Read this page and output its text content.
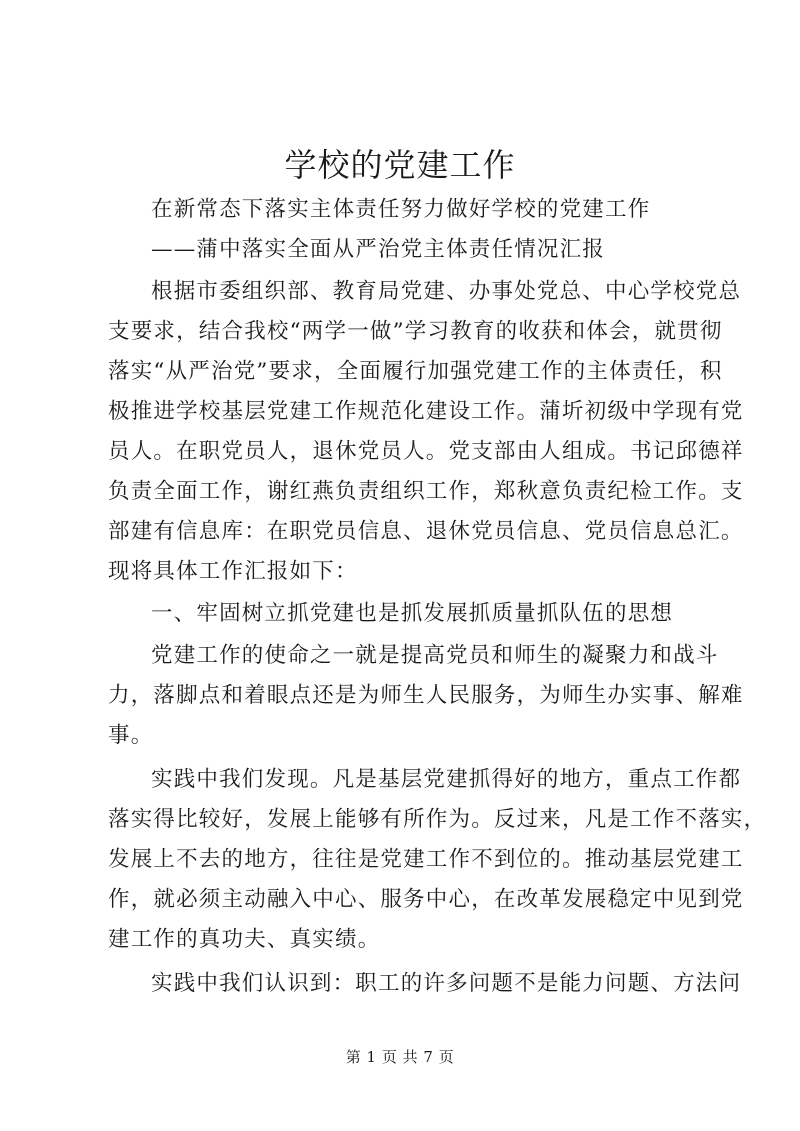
学校的党建工作
在新常态下落实主体责任努力做好学校的党建工作
——蒲中落实全面从严治党主体责任情况汇报
根据市委组织部、教育局党建、办事处党总、中心学校党总
支要求，结合我校“两学一做”学习教育的收获和体会，就贯彻
落实“从严治党”要求，全面履行加强党建工作的主体责任，积
极推进学校基层党建工作规范化建设工作。蒲圻初级中学现有党
员人。在职党员人，退休党员人。党支部由人组成。书记邱德祥
负责全面工作，谢红燕负责组织工作，郑秋意负责纪检工作。支
部建有信息库：在职党员信息、退休党员信息、党员信息总汇。
现将具体工作汇报如下：
一、牢固树立抓党建也是抓发展抓质量抓队伍的思想
党建工作的使命之一就是提高党员和师生的凝聚力和战斗
力，落脚点和着眼点还是为师生人民服务，为师生办实事、解难
事。
实践中我们发现。凡是基层党建抓得好的地方，重点工作都
落实得比较好，发展上能够有所作为。反过来，凡是工作不落实，
发展上不去的地方，往往是党建工作不到位的。推动基层党建工
作，就必须主动融入中心、服务中心，在改革发展稳定中见到党
建工作的真功夫、真实绩。
实践中我们认识到：职工的许多问题不是能力问题、方法问
第 1 页 共 7 页
